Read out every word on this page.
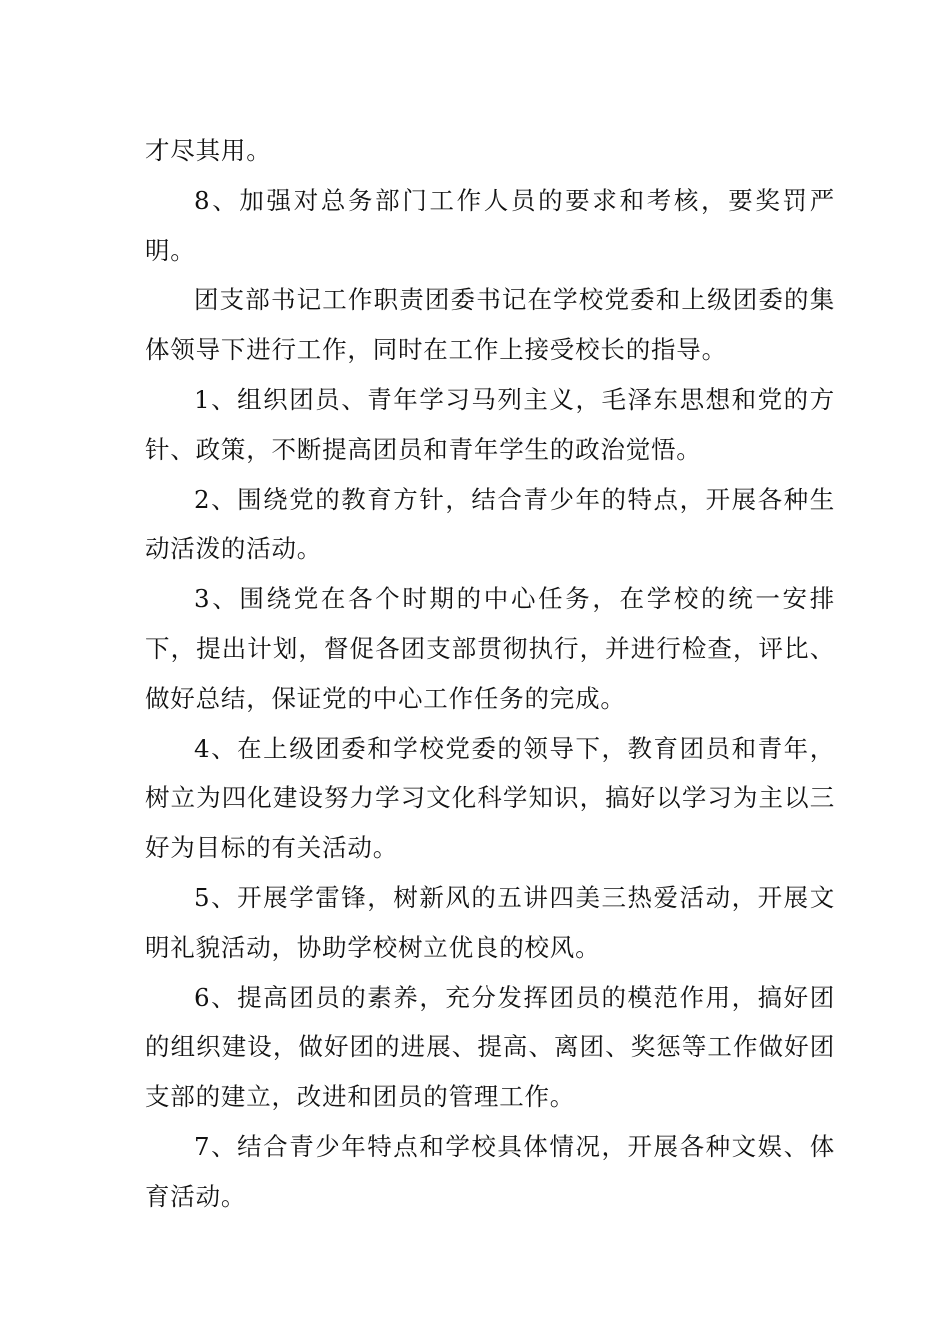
才尽其用。

8、加强对总务部门工作人员的要求和考核，要奖罚严明。

团支部书记工作职责团委书记在学校党委和上级团委的集体领导下进行工作，同时在工作上接受校长的指导。

1、组织团员、青年学习马列主义，毛泽东思想和党的方针、政策，不断提高团员和青年学生的政治觉悟。

2、围绕党的教育方针，结合青少年的特点，开展各种生动活泼的活动。

3、围绕党在各个时期的中心任务，在学校的统一安排下，提出计划，督促各团支部贯彻执行，并进行检查，评比、做好总结，保证党的中心工作任务的完成。

4、在上级团委和学校党委的领导下，教育团员和青年，树立为四化建设努力学习文化科学知识，搞好以学习为主以三好为目标的有关活动。

5、开展学雷锋，树新风的五讲四美三热爱活动，开展文明礼貌活动，协助学校树立优良的校风。

6、提高团员的素养，充分发挥团员的模范作用，搞好团的组织建设，做好团的进展、提高、离团、奖惩等工作做好团支部的建立，改进和团员的管理工作。

7、结合青少年特点和学校具体情况，开展各种文娱、体育活动。
